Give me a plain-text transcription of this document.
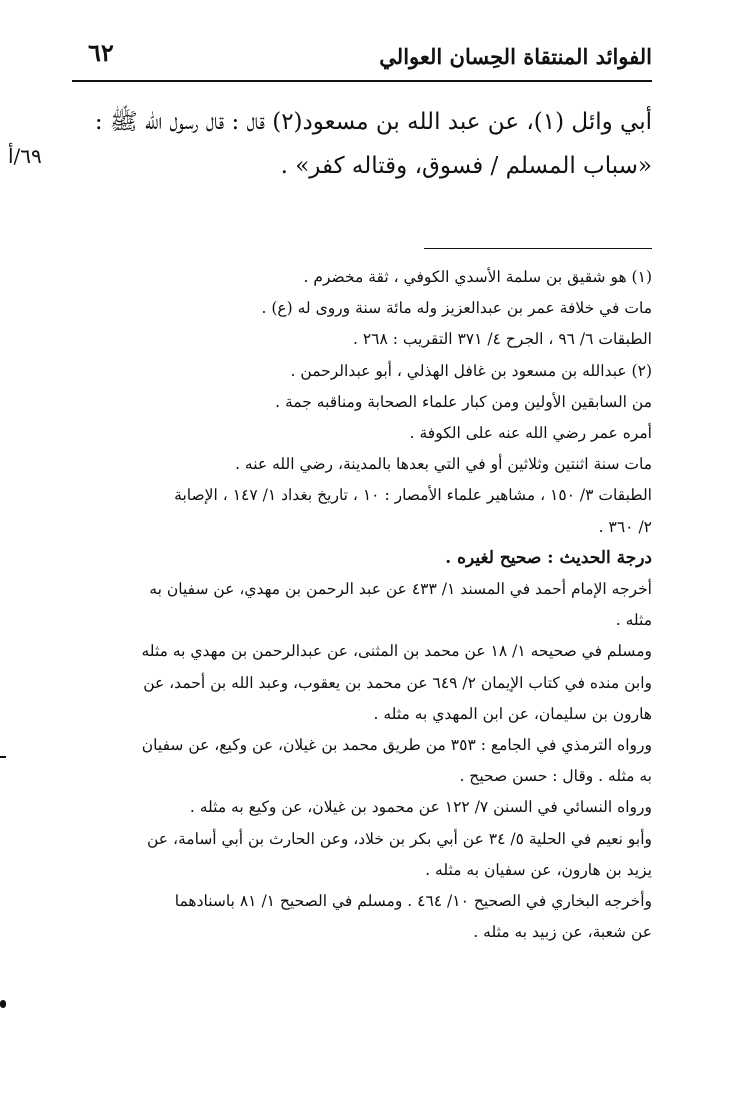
الفوائد المنتقاة الحِسان العوالي
٦٢
٦٩/أ

أبي وائل (١)، عن عبد الله بن مسعود(٢) قال : قال رسول الله ﷺ :

«سباب المسلم / فسوق، وقتاله كفر» .

(١) هو شقيق بن سلمة الأسدي الكوفي ، ثقة مخضرم .
مات في خلافة عمر بن عبدالعزيز وله مائة سنة وروى له (ع) .
الطبقات ٦/ ٩٦ ، الجرح ٤/ ٣٧١ التقريب : ٢٦٨ .
(٢) عبدالله بن مسعود بن غافل الهذلي ، أبو عبدالرحمن .
من السابقين الأولين ومن كبار علماء الصحابة ومناقبه جمة .
أمره عمر رضي الله عنه على الكوفة .
مات سنة اثنتين وثلاثين أو في التي بعدها بالمدينة، رضي الله عنه .
الطبقات ٣/ ١٥٠ ، مشاهير علماء الأمصار : ١٠ ، تاريخ بغداد ١/ ١٤٧ ، الإصابة
٢/ ٣٦٠ .
درجة الحديث : صحيح لغيره .
أخرجه الإمام أحمد في المسند ١/ ٤٣٣ عن عبد الرحمن بن مهدي، عن سفيان به
مثله .
ومسلم في صحيحه ١/ ١٨ عن محمد بن المثنى، عن عبدالرحمن بن مهدي به مثله
وابن منده في كتاب الإيمان ٢/ ٦٤٩ عن محمد بن يعقوب، وعبد الله بن أحمد، عن
هارون بن سليمان، عن ابن المهدي به مثله .
ورواه الترمذي في الجامع : ٣٥٣ من طريق محمد بن غيلان، عن وكيع، عن سفيان
به مثله . وقال : حسن صحيح .
ورواه النسائي في السنن ٧/ ١٢٢ عن محمود بن غيلان، عن وكيع به مثله .
وأبو نعيم في الحلية ٥/ ٣٤ عن أبي بكر بن خلاد، وعن الحارث بن أبي أسامة، عن
يزيد بن هارون، عن سفيان به مثله .
وأخرجه البخاري في الصحيح ١٠/ ٤٦٤ . ومسلم في الصحيح ١/ ٨١ باسنادهما
عن شعبة، عن زبيد به مثله .
